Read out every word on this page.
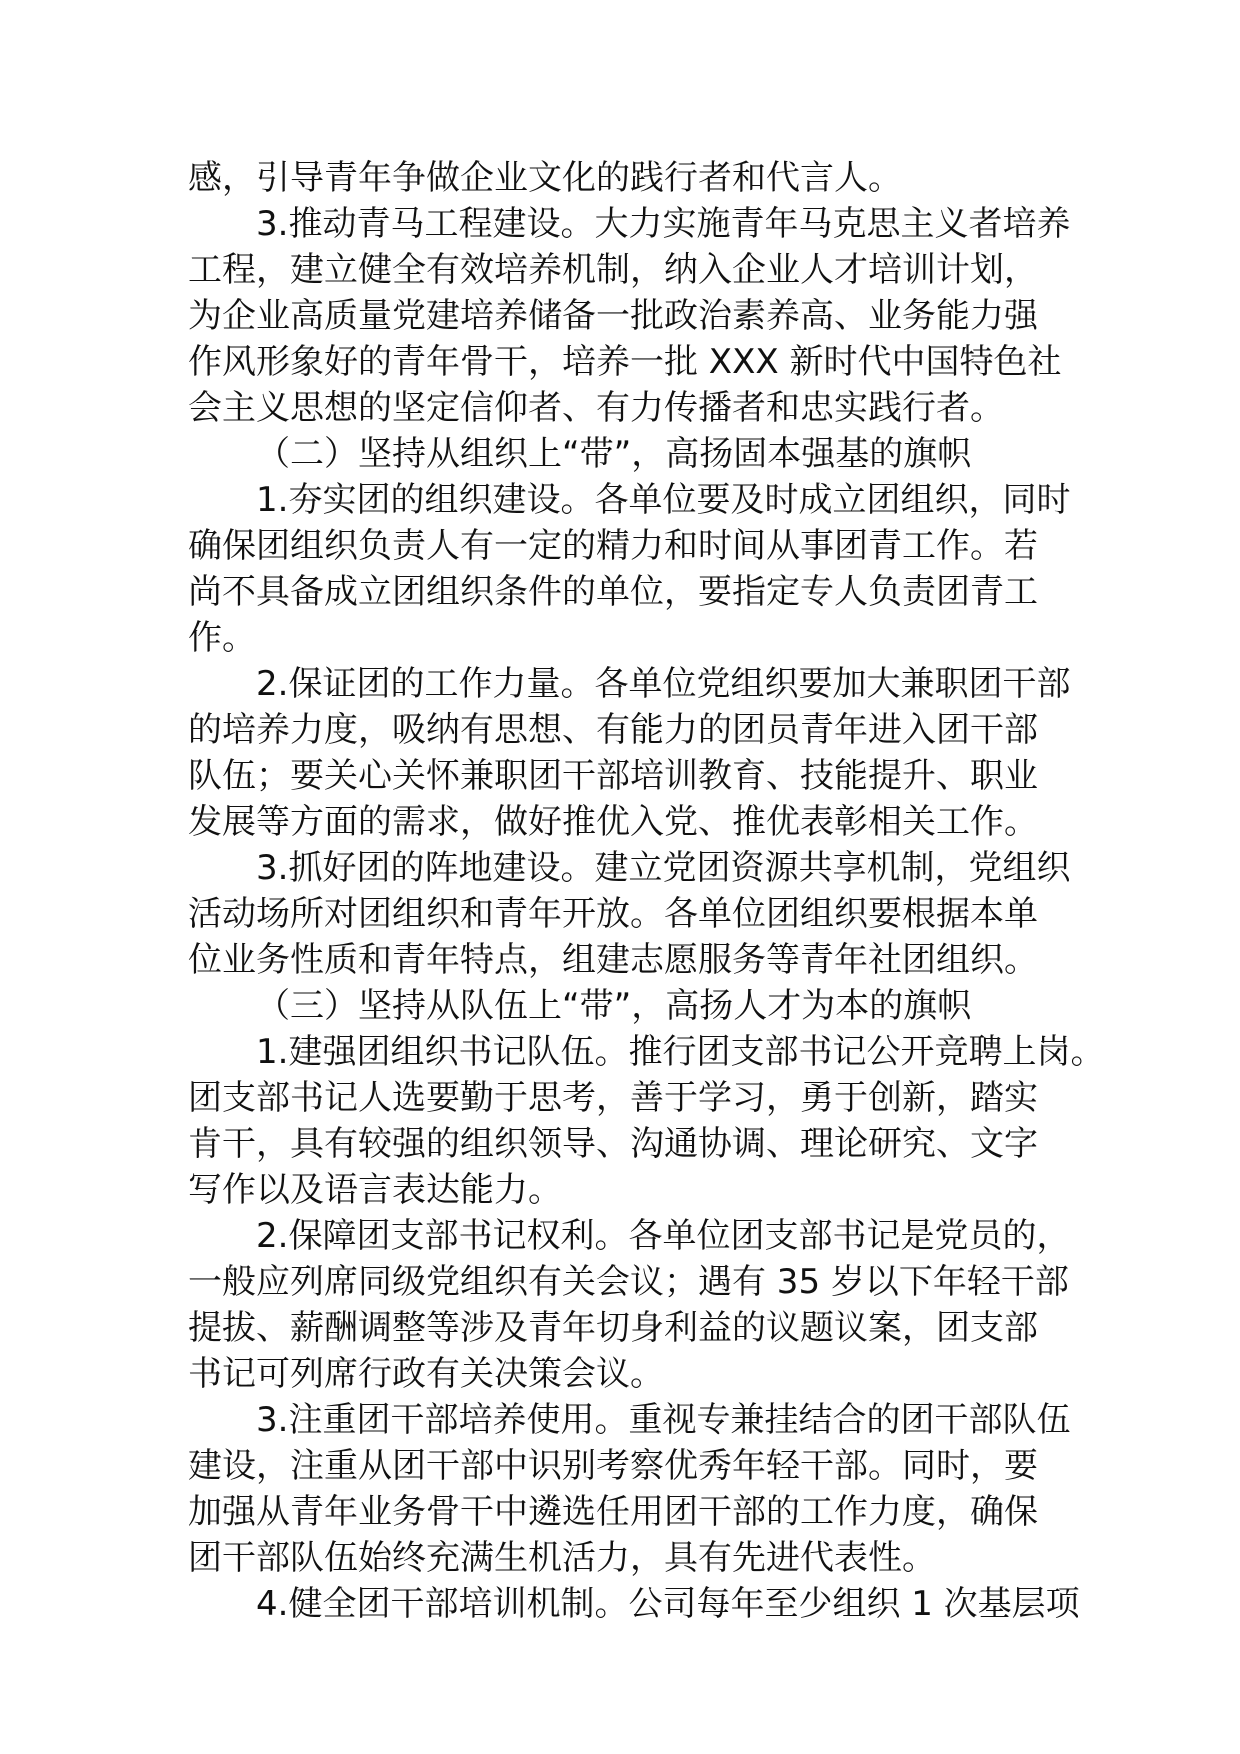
感，引导青年争做企业文化的践行者和代言人。
3.推动青马工程建设。大力实施青年马克思主义者培养
工程，建立健全有效培养机制，纳入企业人才培训计划，
为企业高质量党建培养储备一批政治素养高、业务能力强
作风形象好的青年骨干，培养一批 XXX 新时代中国特色社
会主义思想的坚定信仰者、有力传播者和忠实践行者。
（二）坚持从组织上“带”，高扬固本强基的旗帜
1.夯实团的组织建设。各单位要及时成立团组织，同时
确保团组织负责人有一定的精力和时间从事团青工作。若
尚不具备成立团组织条件的单位，要指定专人负责团青工
作。
2.保证团的工作力量。各单位党组织要加大兼职团干部
的培养力度，吸纳有思想、有能力的团员青年进入团干部
队伍；要关心关怀兼职团干部培训教育、技能提升、职业
发展等方面的需求，做好推优入党、推优表彰相关工作。
3.抓好团的阵地建设。建立党团资源共享机制，党组织
活动场所对团组织和青年开放。各单位团组织要根据本单
位业务性质和青年特点，组建志愿服务等青年社团组织。
（三）坚持从队伍上“带”，高扬人才为本的旗帜
1.建强团组织书记队伍。推行团支部书记公开竞聘上岗。
团支部书记人选要勤于思考，善于学习，勇于创新，踏实
肯干，具有较强的组织领导、沟通协调、理论研究、文字
写作以及语言表达能力。
2.保障团支部书记权利。各单位团支部书记是党员的，
一般应列席同级党组织有关会议；遇有 35 岁以下年轻干部
提拔、薪酬调整等涉及青年切身利益的议题议案，团支部
书记可列席行政有关决策会议。
3.注重团干部培养使用。重视专兼挂结合的团干部队伍
建设，注重从团干部中识别考察优秀年轻干部。同时，要
加强从青年业务骨干中遴选任用团干部的工作力度，确保
团干部队伍始终充满生机活力，具有先进代表性。
4.健全团干部培训机制。公司每年至少组织 1 次基层项
